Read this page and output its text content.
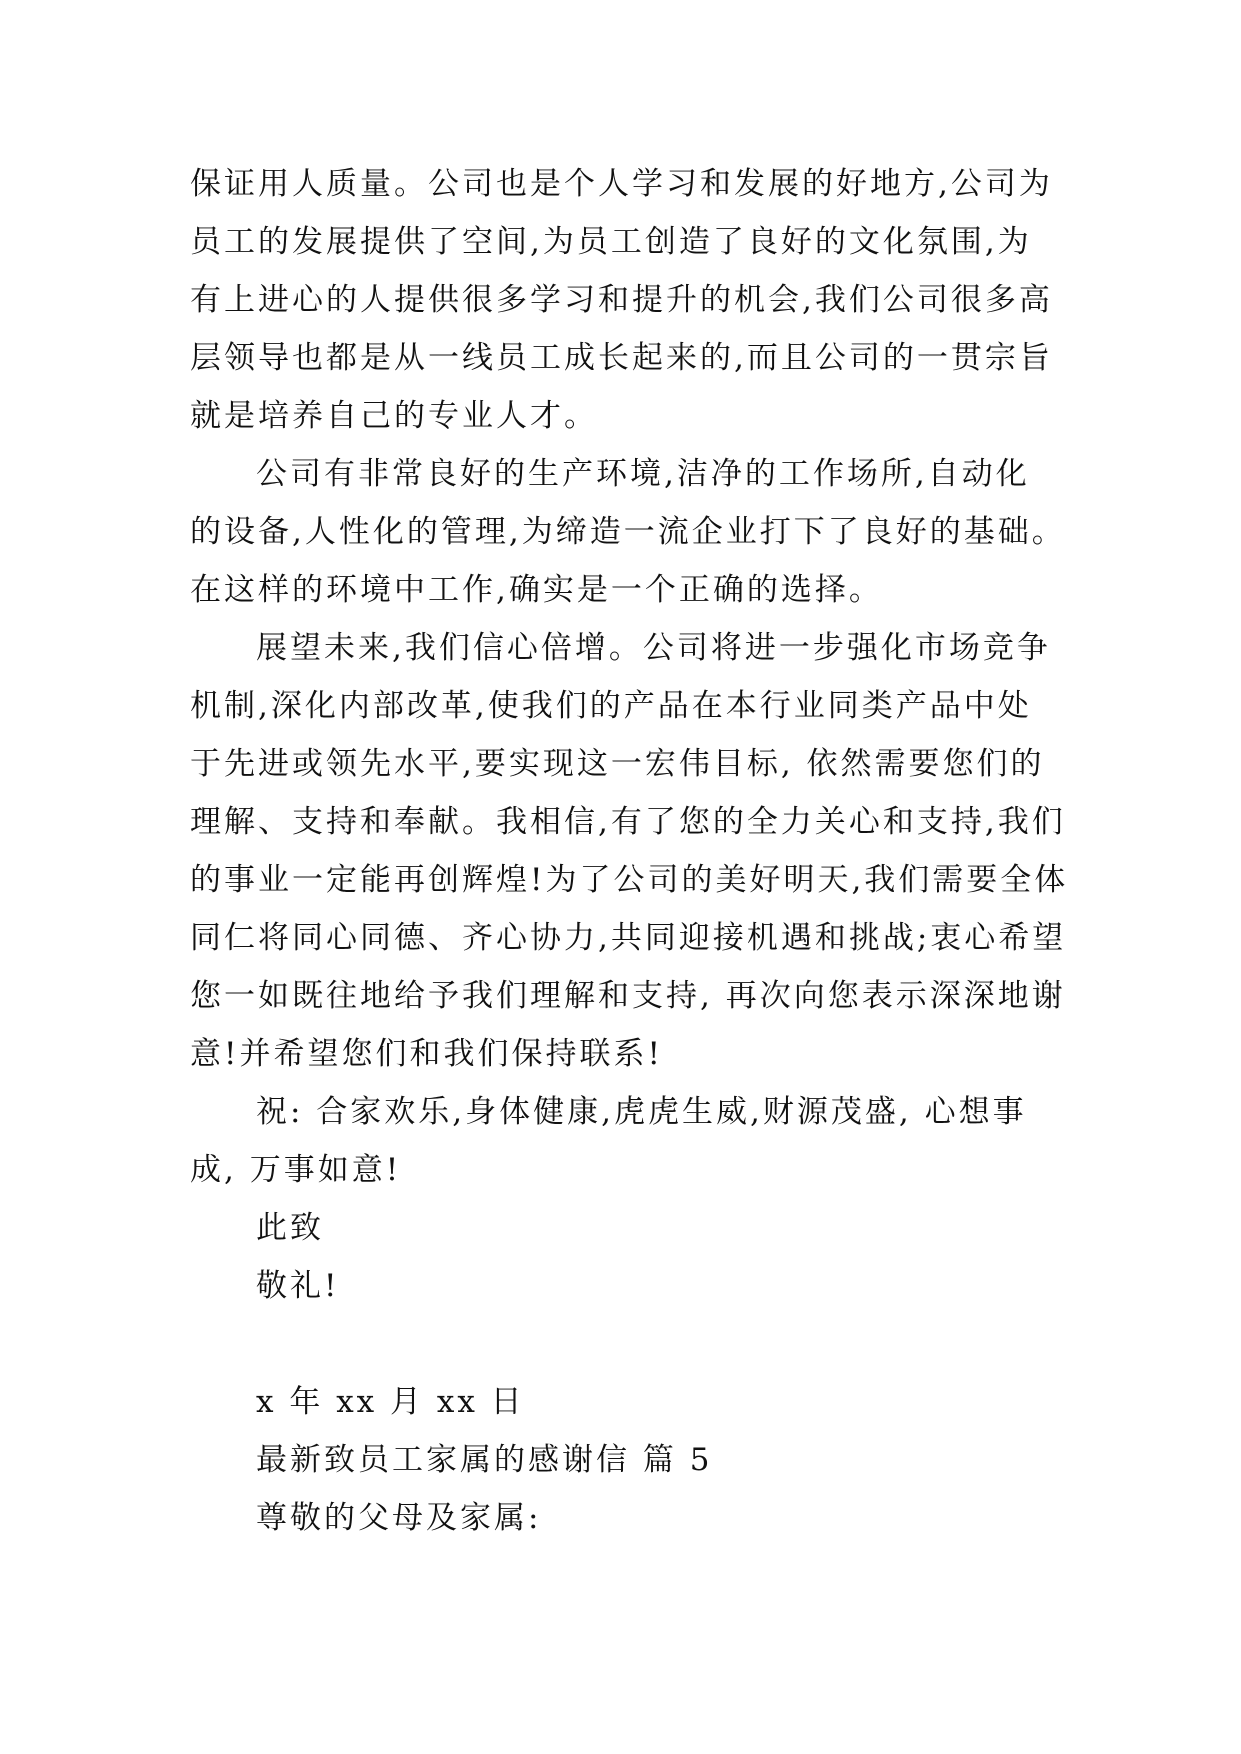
保证用人质量。公司也是个人学习和发展的好地方,公司为
员工的发展提供了空间,为员工创造了良好的文化氛围,为
有上进心的人提供很多学习和提升的机会,我们公司很多高
层领导也都是从一线员工成长起来的,而且公司的一贯宗旨
就是培养自己的专业人才。
公司有非常良好的生产环境,洁净的工作场所,自动化
的设备,人性化的管理,为缔造一流企业打下了良好的基础。
在这样的环境中工作,确实是一个正确的选择。
展望未来,我们信心倍增。公司将进一步强化市场竞争
机制,深化内部改革,使我们的产品在本行业同类产品中处
于先进或领先水平,要实现这一宏伟目标, 依然需要您们的
理解、支持和奉献。我相信,有了您的全力关心和支持,我们
的事业一定能再创辉煌!为了公司的美好明天,我们需要全体
同仁将同心同德、齐心协力,共同迎接机遇和挑战;衷心希望
您一如既往地给予我们理解和支持, 再次向您表示深深地谢
意!并希望您们和我们保持联系!
祝: 合家欢乐,身体健康,虎虎生威,财源茂盛, 心想事
成, 万事如意!
此致
敬礼!
x 年 xx 月 xx 日
最新致员工家属的感谢信 篇 5
尊敬的父母及家属:
